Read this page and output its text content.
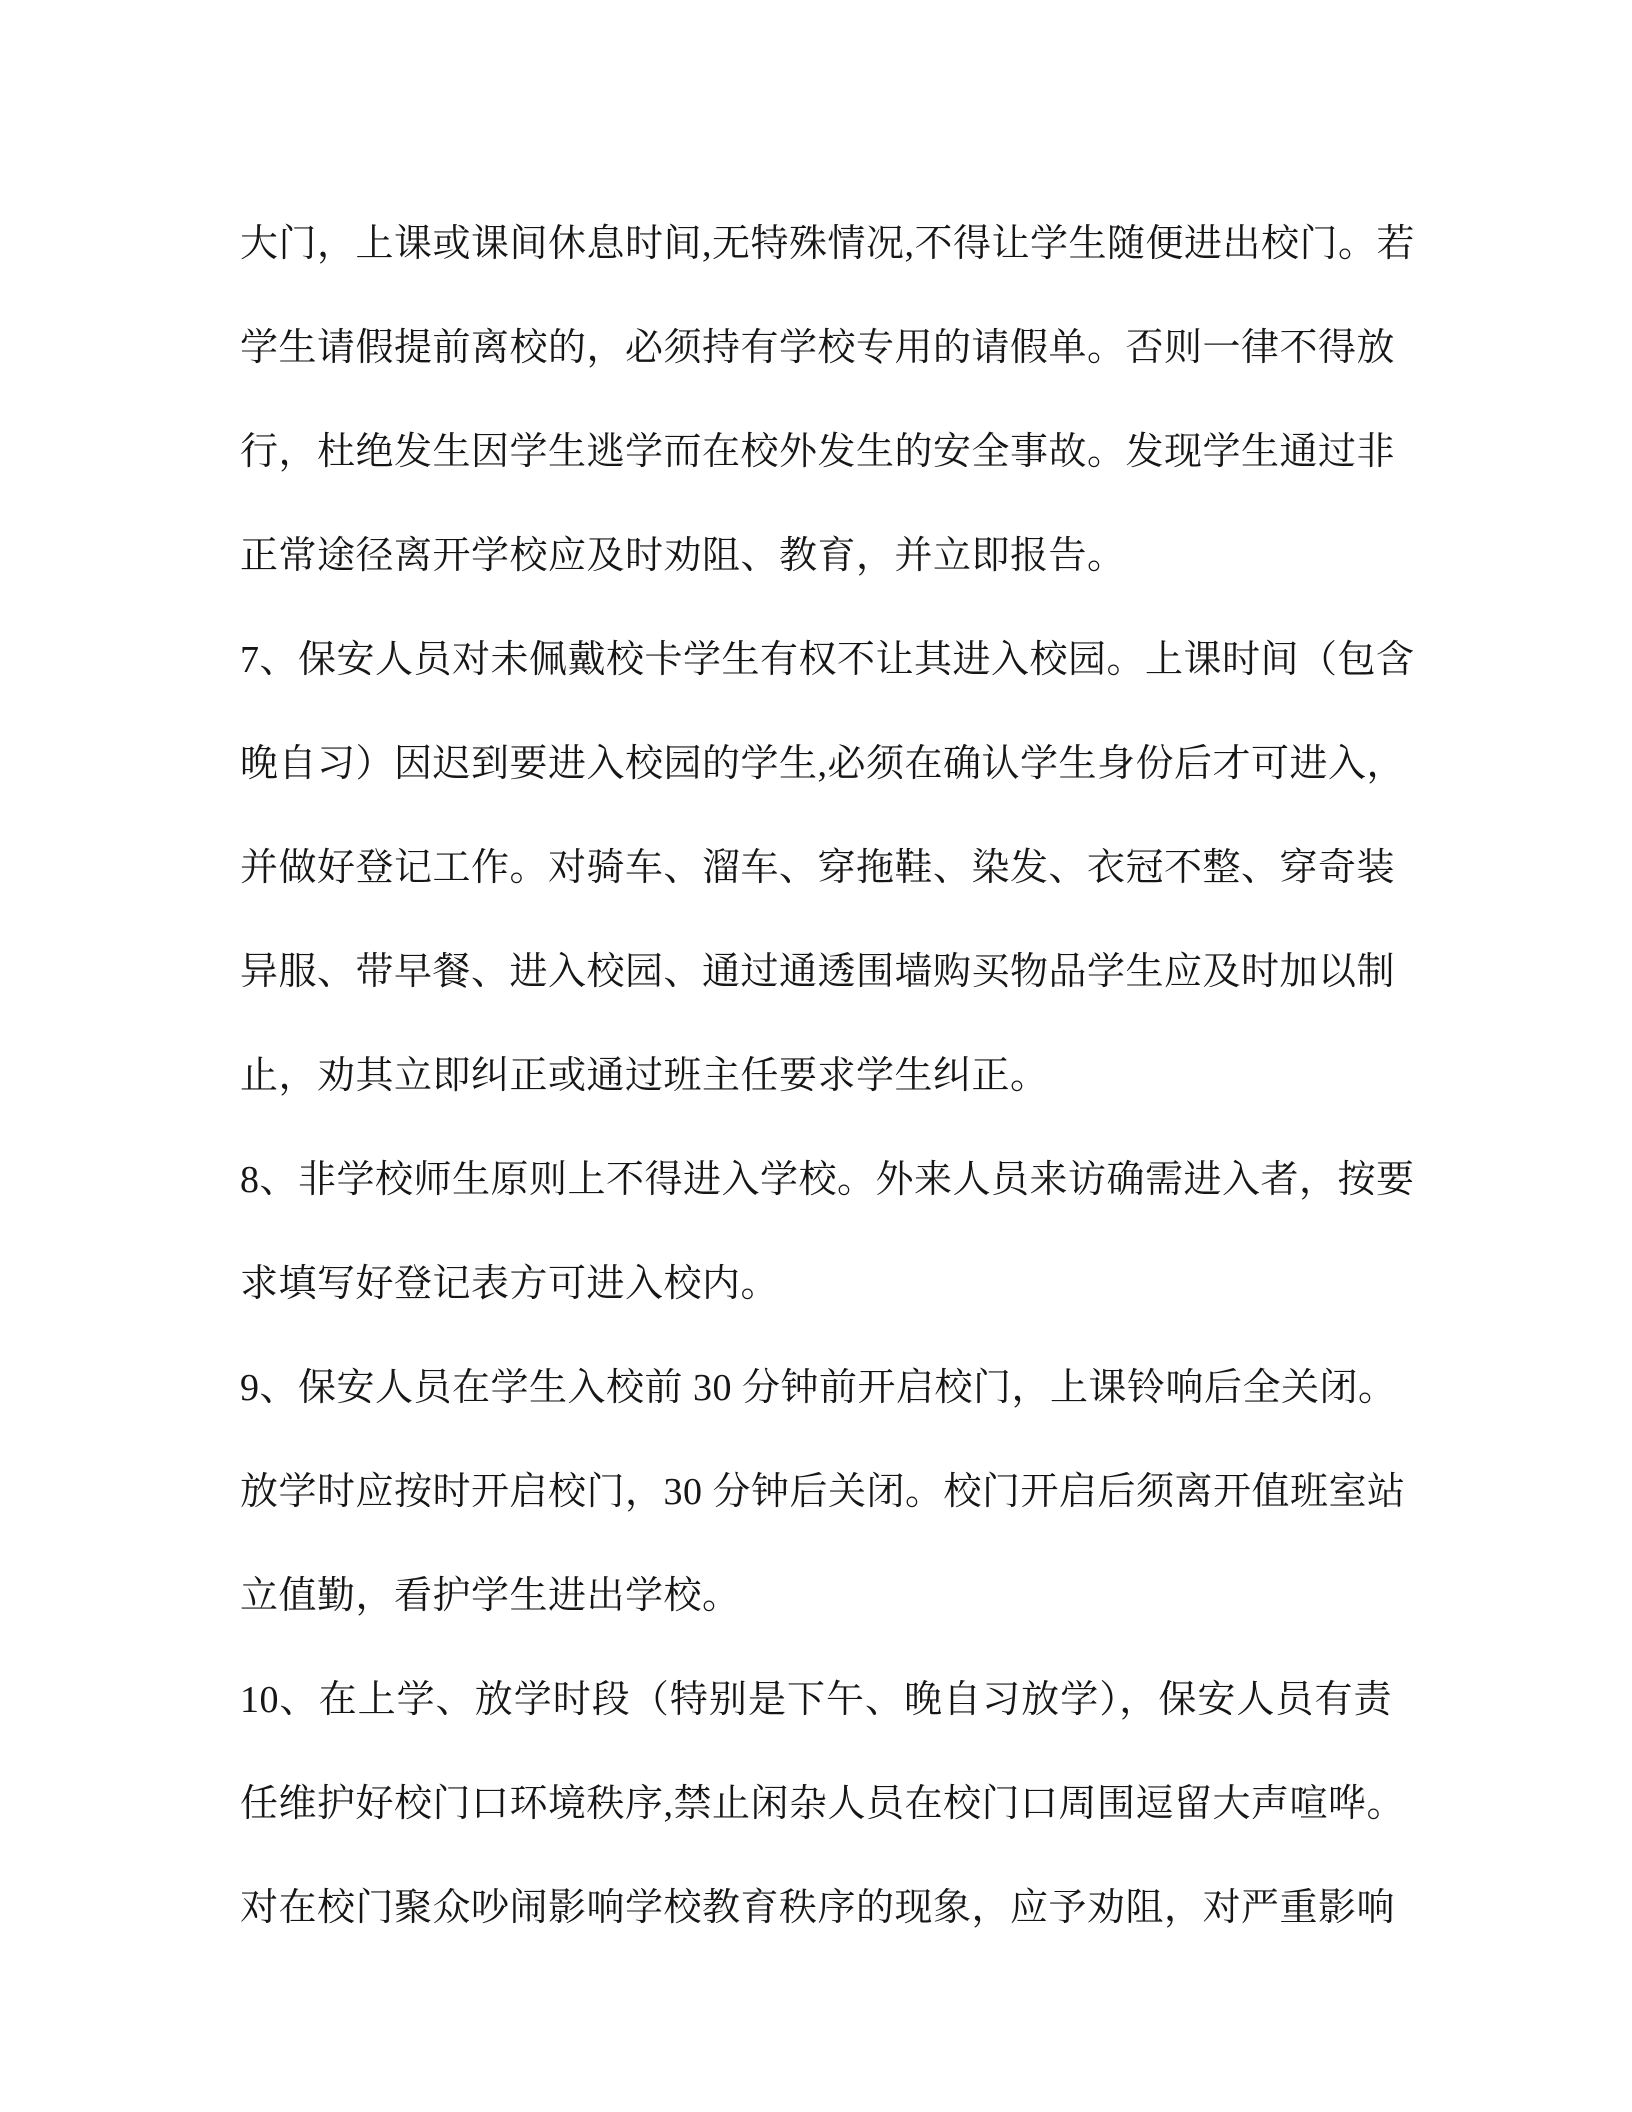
大门，上课或课间休息时间,无特殊情况,不得让学生随便进出校门。若
学生请假提前离校的，必须持有学校专用的请假单。否则一律不得放
行，杜绝发生因学生逃学而在校外发生的安全事故。发现学生通过非
正常途径离开学校应及时劝阻、教育，并立即报告。
7、保安人员对未佩戴校卡学生有权不让其进入校园。上课时间（包含
晚自习）因迟到要进入校园的学生,必须在确认学生身份后才可进入，
并做好登记工作。对骑车、溜车、穿拖鞋、染发、衣冠不整、穿奇装
异服、带早餐、进入校园、通过通透围墙购买物品学生应及时加以制
止，劝其立即纠正或通过班主任要求学生纠正。
8、非学校师生原则上不得进入学校。外来人员来访确需进入者，按要
求填写好登记表方可进入校内。
9、保安人员在学生入校前 30 分钟前开启校门，上课铃响后全关闭。
放学时应按时开启校门，30 分钟后关闭。校门开启后须离开值班室站
立值勤，看护学生进出学校。
10、在上学、放学时段（特别是下午、晚自习放学），保安人员有责
任维护好校门口环境秩序,禁止闲杂人员在校门口周围逗留大声喧哗。
对在校门聚众吵闹影响学校教育秩序的现象，应予劝阻，对严重影响
